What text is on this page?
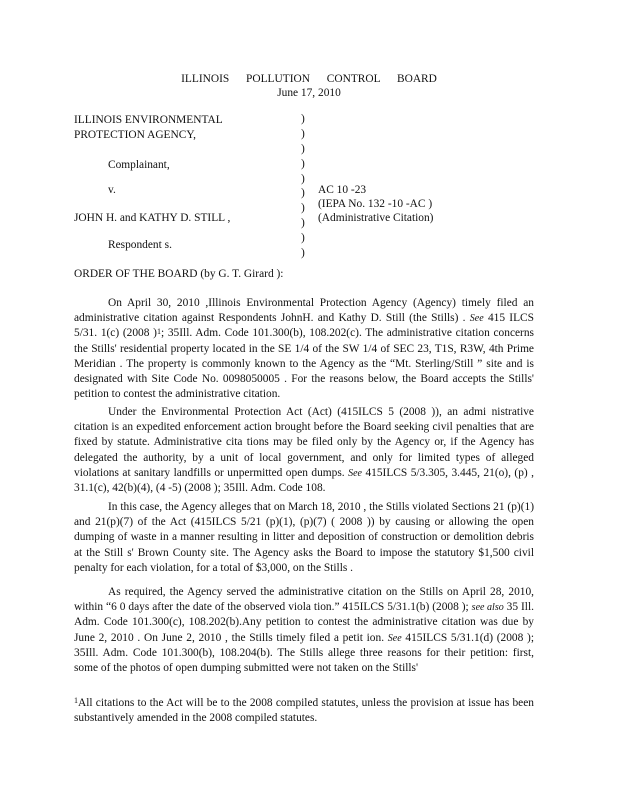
ILLINOIS POLLUTION CONTROL BOARD
June 17, 2010
ILLINOIS ENVIRONMENTAL
PROTECTION AGENCY,
Complainant,
v.
JOHN H. and KATHY D. STILL ,
Respondent s.
)
)
)
)
)
)
)
)
)
)
AC 10 -23
(IEPA No. 132 -10 -AC )
(Administrative Citation)
ORDER OF THE BOARD (by G. T. Girard ):
On April 30, 2010 ,Illinois Environmental Protection Agency (Agency) timely filed an administrative citation against Respondents JohnH. and Kathy D. Still (the Stills) . See 415 ILCS 5/31. 1(c) (2008 )$^1$; 35Ill. Adm. Code 101.300(b), 108.202(c). The administrative citation concerns the Stills' residential property located in the SE 1/4 of the SW 1/4 of SEC 23, T1S, R3W, 4th Prime Meridian . The property is commonly known to the Agency as the “Mt. Sterling/Still ” site and is designated with Site Code No. 0098050005 . For the reasons below, the Board accepts the Stills' petition to contest the administrative citation.
Under the Environmental Protection Act (Act) (415ILCS 5 (2008 )), an admi nistrative citation is an expedited enforcement action brought before the Board seeking civil penalties that are fixed by statute. Administrative cita tions may be filed only by the Agency or, if the Agency has delegated the authority, by a unit of local government, and only for limited types of alleged violations at sanitary landfills or unpermitted open dumps. See 415ILCS 5/3.305, 3.445, 21(o), (p) , 31.1(c), 42(b)(4), (4 -5) (2008 ); 35Ill. Adm. Code 108.
In this case, the Agency alleges that on March 18, 2010 , the Stills violated Sections 21 (p)(1) and 21(p)(7) of the Act (415ILCS 5/21 (p)(1), (p)(7) ( 2008 )) by causing or allowing the open dumping of waste in a manner resulting in litter and deposition of construction or demolition debris at the Still s' Brown County site. The Agency asks the Board to impose the statutory $1,500 civil penalty for each violation, for a total of $3,000, on the Stills .
As required, the Agency served the administrative citation on the Stills on April 28, 2010, within “6 0 days after the date of the observed viola tion.” 415ILCS 5/31.1(b) (2008 ); see also 35 Ill. Adm. Code 101.300(c), 108.202(b).Any petition to contest the administrative citation was due by June 2, 2010 . On June 2, 2010 , the Stills timely filed a petit ion. See 415ILCS 5/31.1(d) (2008 ); 35Ill. Adm. Code 101.300(b), 108.204(b). The Stills allege three reasons for their petition: first, some of the photos of open dumping submitted were not taken on the Stills'
$^1$All citations to the Act will be to the 2008 compiled statutes, unless the provision at issue has been substantively amended in the 2008 compiled statutes.
